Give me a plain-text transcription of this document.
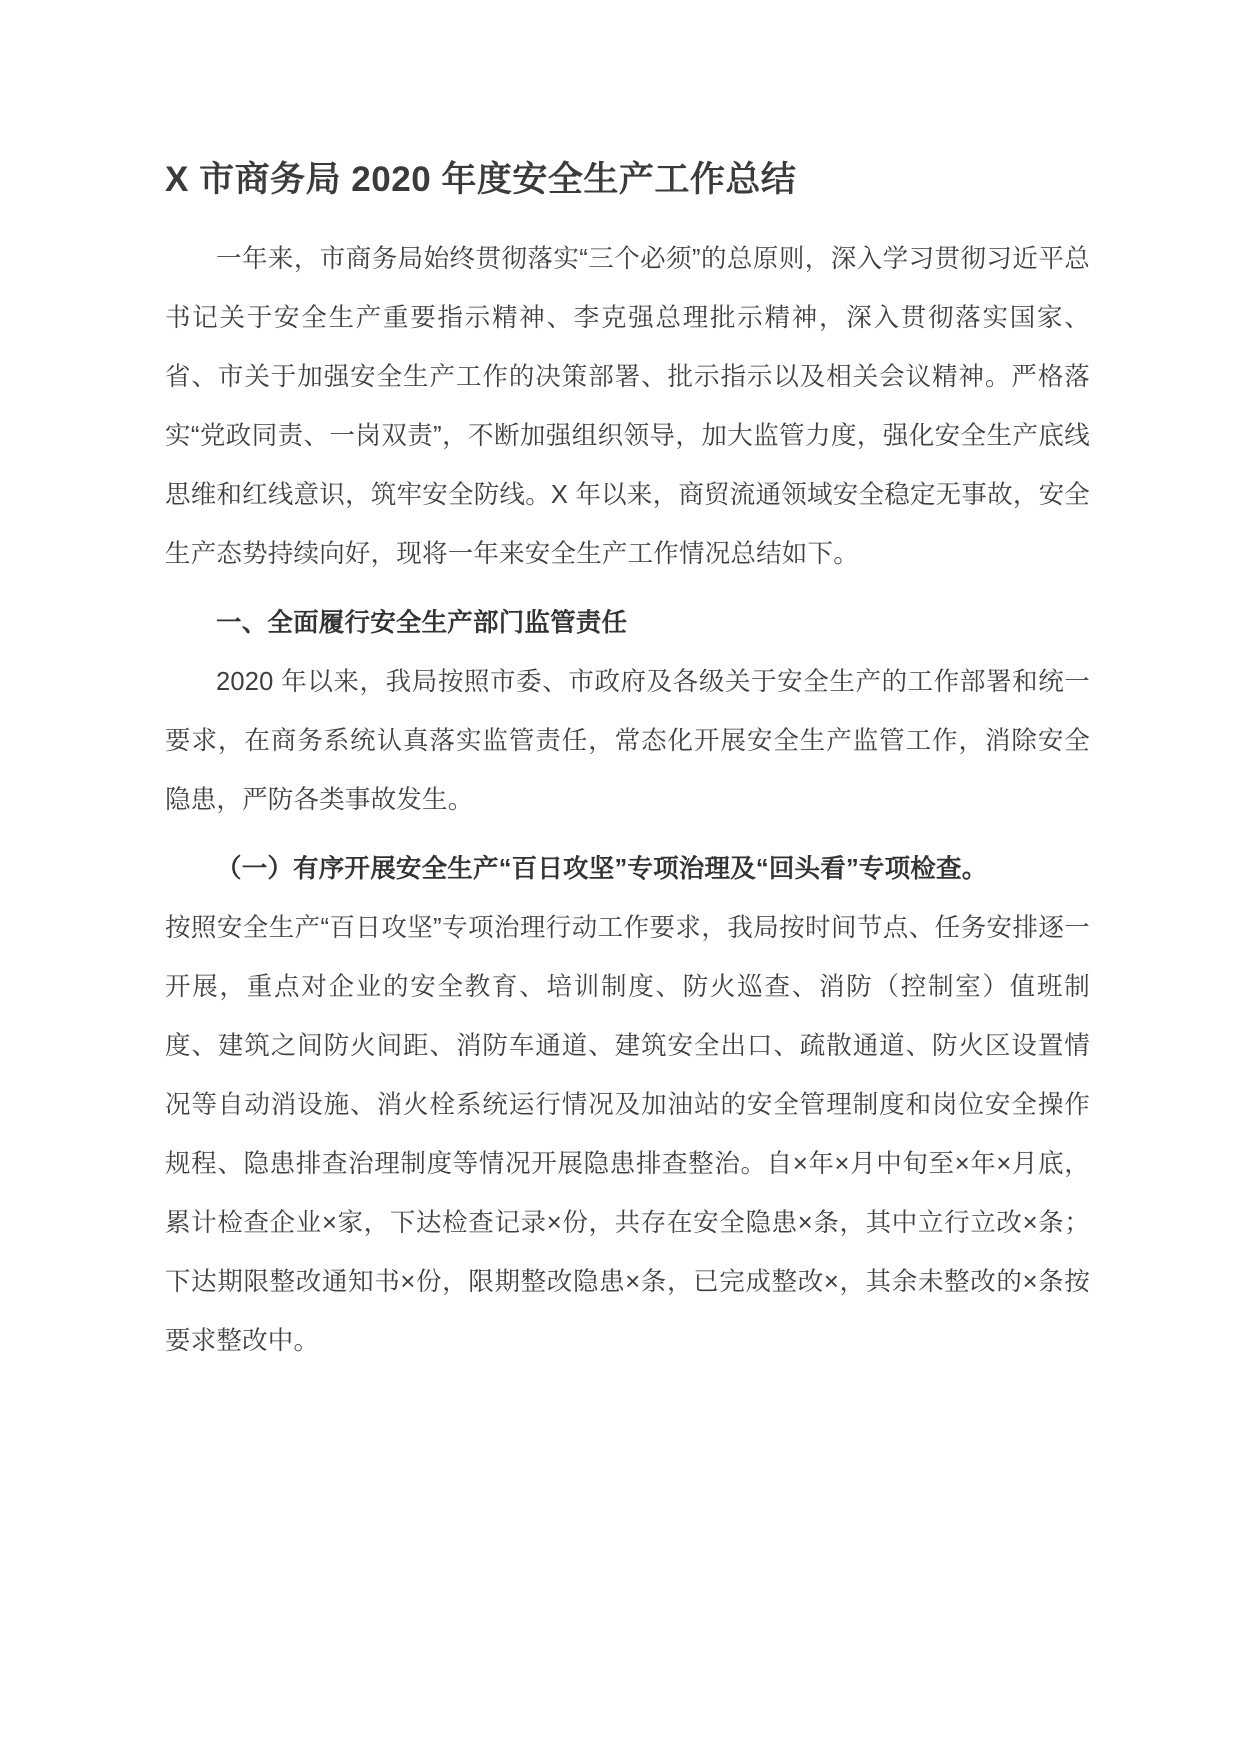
X 市商务局 2020 年度安全生产工作总结

一年来，市商务局始终贯彻落实“三个必须”的总原则，深入学习贯彻习近平总书记关于安全生产重要指示精神、李克强总理批示精神，深入贯彻落实国家、省、市关于加强安全生产工作的决策部署、批示指示以及相关会议精神。严格落实“党政同责、一岗双责”，不断加强组织领导，加大监管力度，强化安全生产底线思维和红线意识，筑牢安全防线。X 年以来，商贸流通领域安全稳定无事故，安全生产态势持续向好，现将一年来安全生产工作情况总结如下。

一、全面履行安全生产部门监管责任

2020 年以来，我局按照市委、市政府及各级关于安全生产的工作部署和统一要求，在商务系统认真落实监管责任，常态化开展安全生产监管工作，消除安全隐患，严防各类事故发生。

（一）有序开展安全生产“百日攻坚”专项治理及“回头看”专项检查。

按照安全生产“百日攻坚”专项治理行动工作要求，我局按时间节点、任务安排逐一开展，重点对企业的安全教育、培训制度、防火巡查、消防（控制室）值班制度、建筑之间防火间距、消防车通道、建筑安全出口、疏散通道、防火区设置情况等自动消设施、消火栓系统运行情况及加油站的安全管理制度和岗位安全操作规程、隐患排查治理制度等情况开展隐患排查整治。自×年×月中旬至×年×月底，累计检查企业×家，下达检查记录×份，共存在安全隐患×条，其中立行立改×条；下达期限整改通知书×份，限期整改隐患×条，已完成整改×，其余未整改的×条按要求整改中。
